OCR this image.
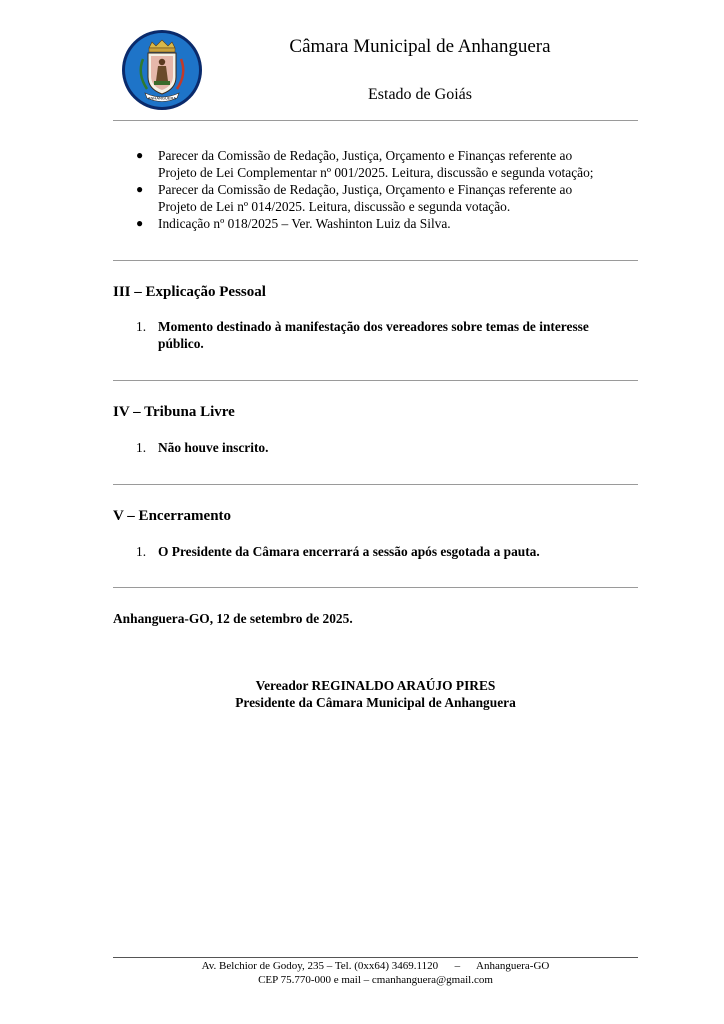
ANHANGUERA
Câmara Municipal de Anhanguera
Estado de Goiás
● Parecer da Comissão de Redação, Justiça, Orçamento e Finanças referente ao
Projeto de Lei Complementar nº 001/2025. Leitura, discussão e segunda votação;
● Parecer da Comissão de Redação, Justiça, Orçamento e Finanças referente ao
Projeto de Lei nº 014/2025. Leitura, discussão e segunda votação.
● Indicação nº 018/2025 – Ver. Washinton Luiz da Silva.
III – Explicação Pessoal
1. Momento destinado à manifestação dos vereadores sobre temas de interesse
público.
IV – Tribuna Livre
1. Não houve inscrito.
V – Encerramento
1. O Presidente da Câmara encerrará a sessão após esgotada a pauta.
Anhanguera-GO, 12 de setembro de 2025.
Vereador REGINALDO ARAÚJO PIRES
Presidente da Câmara Municipal de Anhanguera
Av. Belchior de Godoy, 235 – Tel. (0xx64) 3469.1120      –      Anhanguera-GO
CEP 75.770-000 e mail – cmanhanguera@gmail.com
